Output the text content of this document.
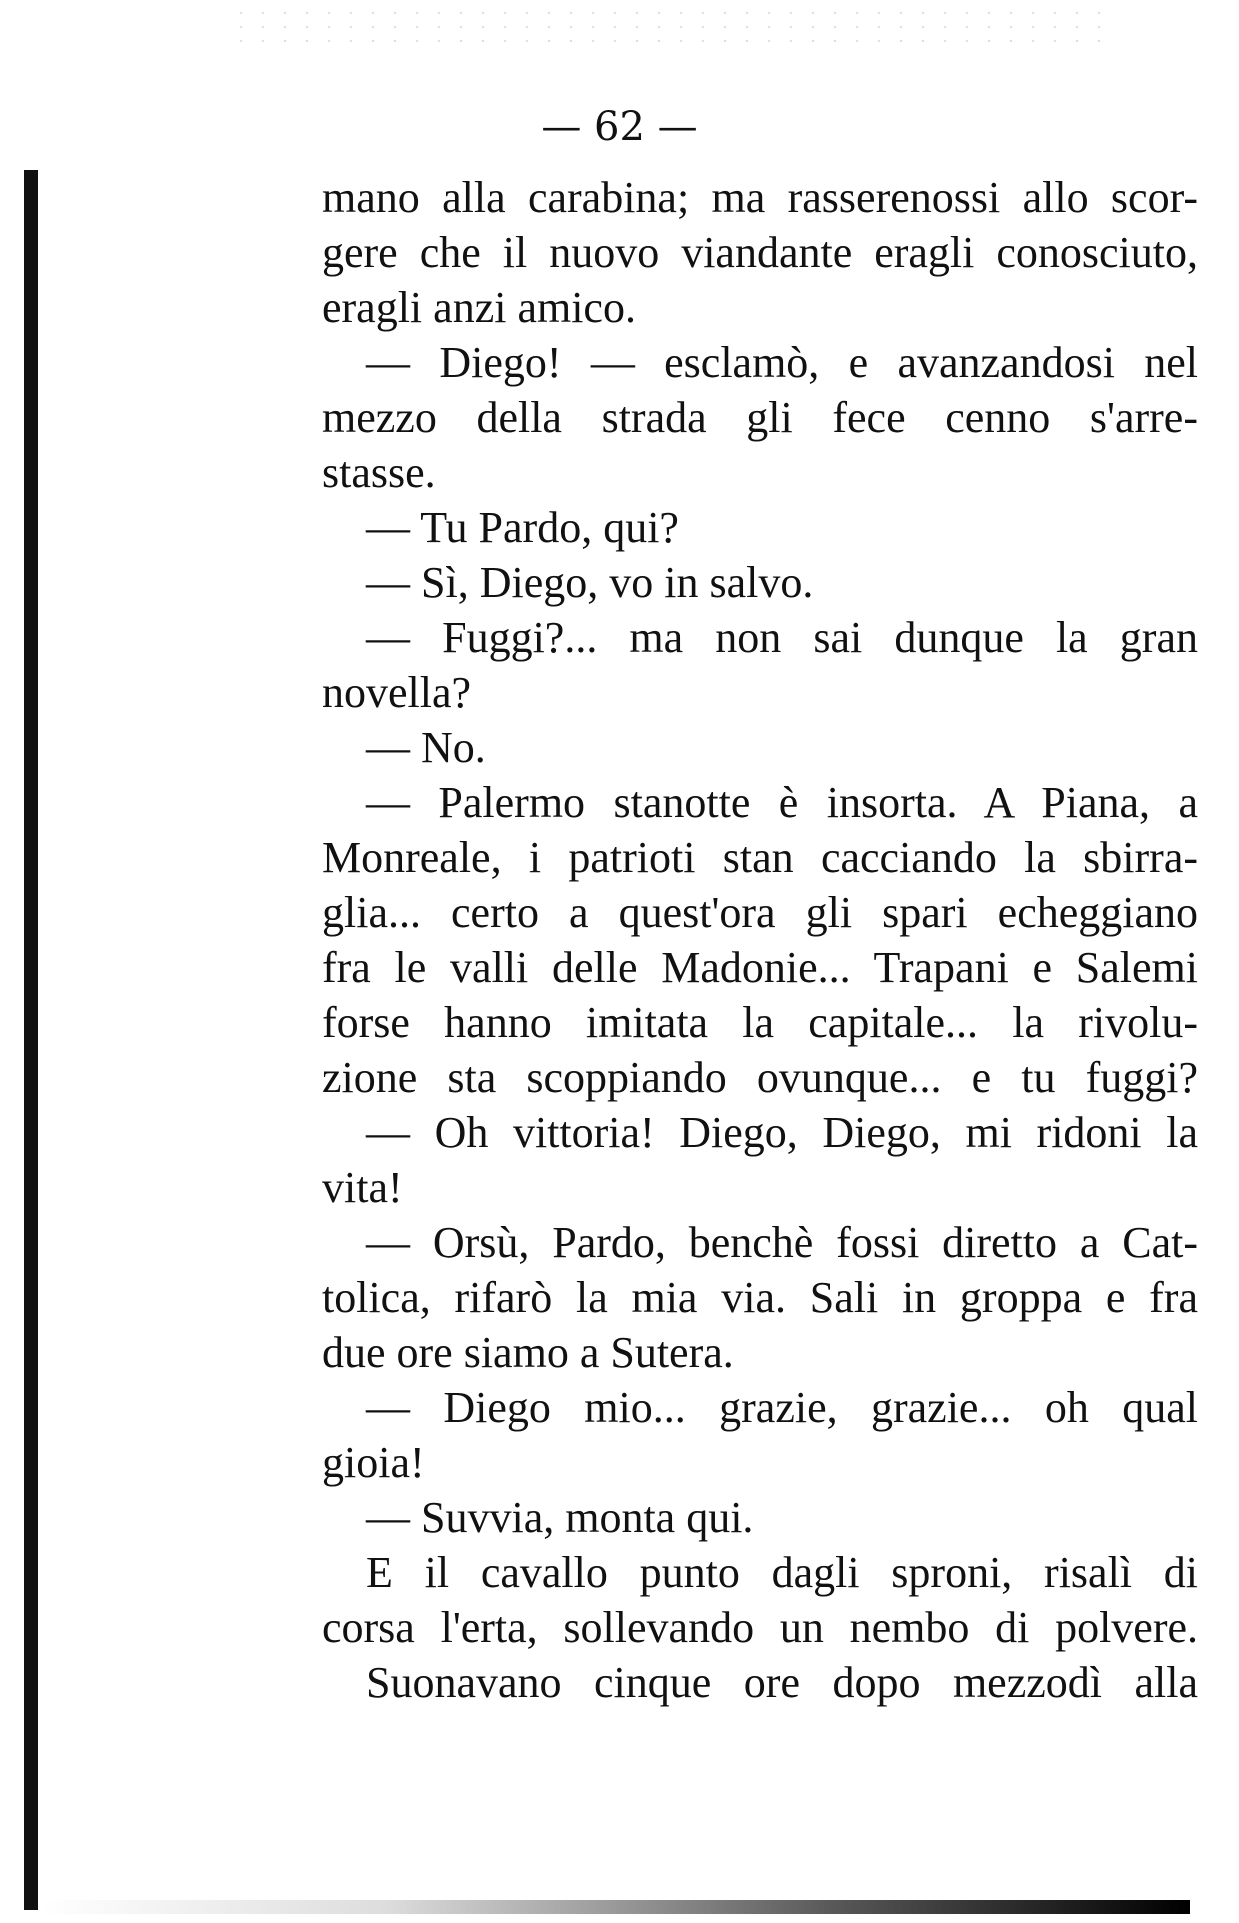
— 62 —
mano alla carabina; ma rasserenossi allo scor-
gere che il nuovo viandante eragli conosciuto,
eragli anzi amico.
— Diego! — esclamò, e avanzandosi nel
mezzo della strada gli fece cenno s'arre-
stasse.
— Tu Pardo, qui?
— Sì, Diego, vo in salvo.
— Fuggi?... ma non sai dunque la gran
novella?
— No.
— Palermo stanotte è insorta. A Piana, a
Monreale, i patrioti stan cacciando la sbirra-
glia... certo a quest'ora gli spari echeggiano
fra le valli delle Madonie... Trapani e Salemi
forse hanno imitata la capitale... la rivolu-
zione sta scoppiando ovunque... e tu fuggi?
— Oh vittoria! Diego, Diego, mi ridoni la
vita!
— Orsù, Pardo, benchè fossi diretto a Cat-
tolica, rifarò la mia via. Sali in groppa e fra
due ore siamo a Sutera.
— Diego mio... grazie, grazie... oh qual
gioia!
— Suvvia, monta qui.
E il cavallo punto dagli sproni, risalì di
corsa l'erta, sollevando un nembo di polvere.
Suonavano cinque ore dopo mezzodì alla
